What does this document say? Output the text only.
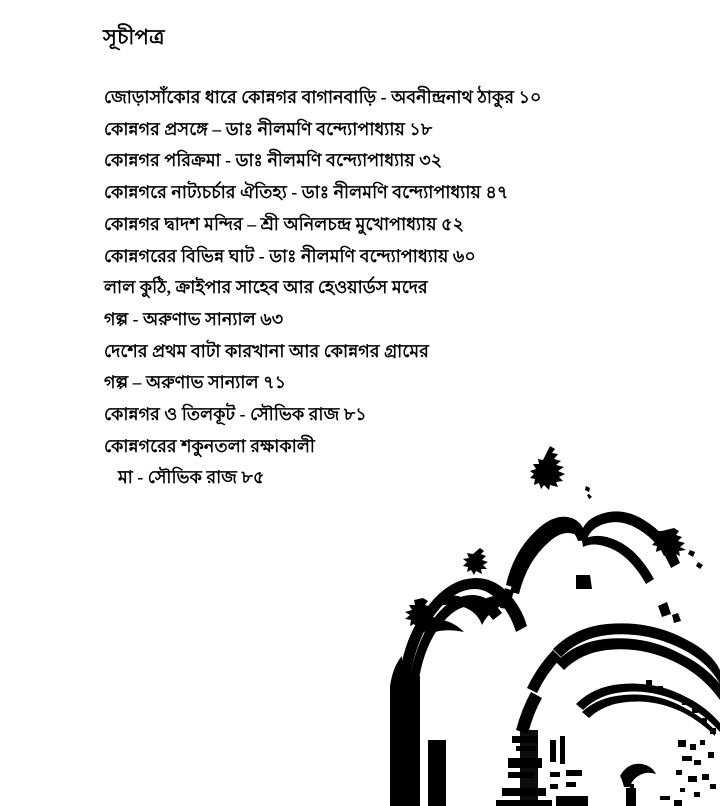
সূচীপত্র
জোড়াসাঁকোর ধারে কোন্নগর বাগানবাড়ি - অবনীন্দ্রনাথ ঠাকুর ১০
কোন্নগর প্রসঙ্গে – ডাঃ নীলমণি বন্দ্যোপাধ্যায় ১৮
কোন্নগর পরিক্রমা - ডাঃ নীলমণি বন্দ্যোপাধ্যায় ৩২
কোন্নগরে নাট্যচর্চার ঐতিহ্য - ডাঃ নীলমণি বন্দ্যোপাধ্যায় ৪৭
কোন্নগর দ্বাদশ মন্দির – শ্রী অনিলচন্দ্র মুখোপাধ্যায় ৫২
কোন্নগরের বিভিন্ন ঘাট - ডাঃ নীলমণি বন্দ্যোপাধ্যায় ৬০
লাল কুঠি, ক্রাইপার সাহেব আর হেওয়ার্ডস মদের
গল্প - অরুণাভ সান্যাল ৬৩
দেশের প্রথম বাটা কারখানা আর কোন্নগর গ্রামের
গল্প – অরুণাভ সান্যাল ৭১
কোন্নগর ও তিলকূট - সৌভিক রাজ ৮১
কোন্নগরের শকুনতলা রক্ষাকালী
মা - সৌভিক রাজ ৮৫
